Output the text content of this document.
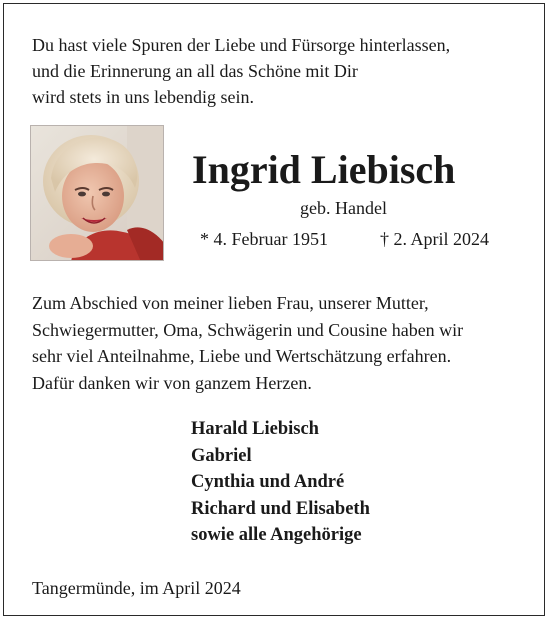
Du hast viele Spuren der Liebe und Fürsorge hinterlassen,
und die Erinnerung an all das Schöne mit Dir
wird stets in uns lebendig sein.
Ingrid Liebisch
geb. Handel
* 4. Februar 1951	† 2. April 2024
Zum Abschied von meiner lieben Frau, unserer Mutter,
Schwiegermutter, Oma, Schwägerin und Cousine haben wir
sehr viel Anteilnahme, Liebe und Wertschätzung erfahren.
Dafür danken wir von ganzem Herzen.
Harald Liebisch
Gabriel
Cynthia und André
Richard und Elisabeth
sowie alle Angehörige
Tangermünde, im April 2024
